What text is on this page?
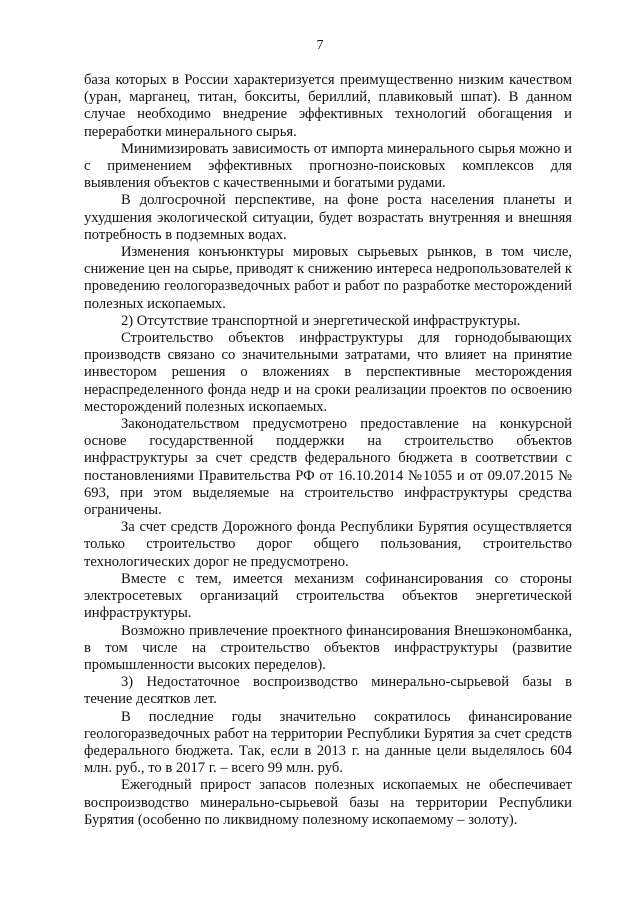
7

база которых в России характеризуется преимущественно низким качеством (уран, марганец, титан, бокситы, бериллий, плавиковый шпат). В данном случае необходимо внедрение эффективных технологий обогащения и переработки минерального сырья.

Минимизировать зависимость от импорта минерального сырья можно и с применением эффективных прогнозно-поисковых комплексов для выявления объектов с качественными и богатыми рудами.

В долгосрочной перспективе, на фоне роста населения планеты и ухудшения экологической ситуации, будет возрастать внутренняя и внешняя потребность в подземных водах.

Изменения конъюнктуры мировых сырьевых рынков, в том числе, снижение цен на сырье, приводят к снижению интереса недропользователей к проведению геологоразведочных работ и работ по разработке месторождений полезных ископаемых.

2) Отсутствие транспортной и энергетической инфраструктуры.

Строительство объектов инфраструктуры для горнодобывающих производств связано со значительными затратами, что влияет на принятие инвестором решения о вложениях в перспективные месторождения нераспределенного фонда недр и на сроки реализации проектов по освоению месторождений полезных ископаемых.

Законодательством предусмотрено предоставление на конкурсной основе государственной поддержки на строительство объектов инфраструктуры за счет средств федерального бюджета в соответствии с постановлениями Правительства РФ от 16.10.2014 №1055 и от 09.07.2015 № 693, при этом выделяемые на строительство инфраструктуры средства ограничены.

За счет средств Дорожного фонда Республики Бурятия осуществляется только строительство дорог общего пользования, строительство технологических дорог не предусмотрено.

Вместе с тем, имеется механизм софинансирования со стороны электросетевых организаций строительства объектов энергетической инфраструктуры.

Возможно привлечение проектного финансирования Внешэкономбанка, в том числе на строительство объектов инфраструктуры (развитие промышленности высоких переделов).

3) Недостаточное воспроизводство минерально-сырьевой базы в течение десятков лет.

В последние годы значительно сократилось финансирование геологоразведочных работ на территории Республики Бурятия за счет средств федерального бюджета. Так, если в 2013 г. на данные цели выделялось 604 млн. руб., то в 2017 г. – всего 99 млн. руб.

Ежегодный прирост запасов полезных ископаемых не обеспечивает воспроизводство минерально-сырьевой базы на территории Республики Бурятия (особенно по ликвидному полезному ископаемому – золоту).
